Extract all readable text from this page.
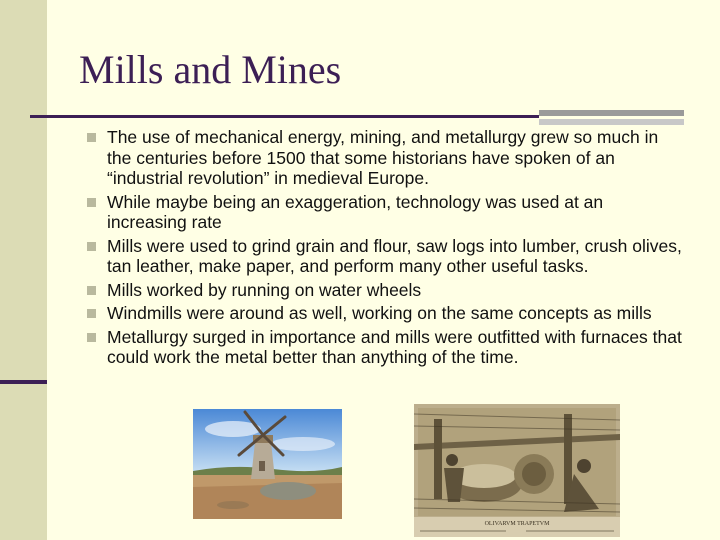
Mills and Mines
The use of mechanical energy, mining, and metallurgy grew so much in the centuries before 1500 that some historians have spoken of an “industrial revolution” in medieval Europe.
While maybe being an exaggeration, technology was used at an increasing rate
Mills were used to grind grain and flour, saw logs into lumber, crush olives, tan leather, make paper, and perform many other useful tasks.
Mills worked by running on water wheels
Windmills were around as well, working on the same concepts as mills
Metallurgy surged in importance and mills were outfitted with furnaces that could work the metal better than anything of the time.
OLIVARVM TRAPETVM
